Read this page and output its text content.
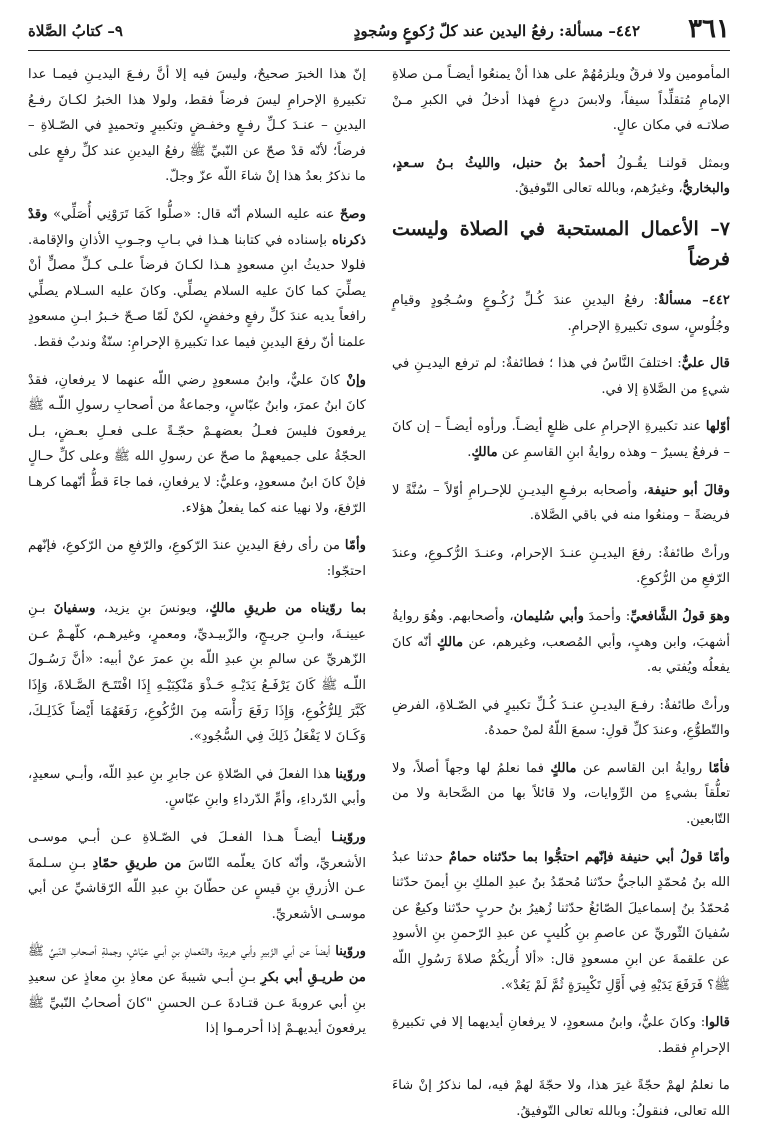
٣٦١
٤٤٢– مسألة: رفعُ اليدين عند كلّ رُكوعٍ وسُجودٍ
٩– كتابُ الصَّلاة

المأمومين ولا فرقٌ ويلزمُهُمْ على هذا أنْ يمنعُوا أيضـاً مـن صلاةِ الإمامِ مُتقلِّداً سيفاً، ولابسَ درعٍ فهذا أدخلُ في الكبرِ مـنْ صلاتـه في مكان عالٍ.

وبمثل قولنـا يقُـولُ أحمدُ بنُ حنبل، والليثُ بـنُ سـعدٍ، والبخاريُّ، وغيرُهم، وبالله تعالى التّوفيقُ.

٧– الأعمال المستحبة في الصلاة وليست فرضاً

٤٤٢– مسألةٌ: رفعُ اليدينِ عندَ كُـلِّ رُكُـوعٍ وسُـجُودٍ وقيامٍ وجُلُوسٍ، سوى تكبيرةِ الإحرامِ.

قال عليٌّ: اختلفَ النَّاسُ في هذا ؛ فطائفةٌ: لم ترفع اليديـنِ في شيءٍ من الصَّلاةِ إلا في.

أوّلها عند تكبيرةِ الإحرامِ على ظلعٍ أيضـاً. ورأوه أيضـاً – إن كانَ – فرفعٌ يسيرٌ – وهذه روايةُ ابنِ القاسمِ عن مالكٍ.

وقالَ أبو حنيفة، وأصحابه برفـعِ اليديـنِ للإحـرامِ أوّلاً – سُنَّةً لا فريضةً – ومنعُوا منه في باقي الصَّلاة.

ورأتْ طائفةٌ: رفعَ اليديـنِ عنـدَ الإحرام، وعنـدَ الرُّكـوعِ، وعندَ الرّفعِ من الرُّكوعِ.

وهوَ قولُ الشَّافعيِّ: وأحمدَ وأبي سُليمان، وأصحابهم. وهُوَ روايةُ أشهبَ، وابن وهبٍ، وأبي المُصعب، وغيرهم، عن مالكٍ أنّه كانَ يفعلُه ويُفتي به.

ورأتْ طائفةٌ: رفـعَ اليديـنِ عنـدَ كُـلِّ تكبيرٍ في الصّـلاةِ، الفرضِ والتّطوُّعِ، وعندَ كلِّ قولِ: سمعَ اللّهُ لمنْ حمدهُ.

فأمّا روايةُ ابن القاسم عن مالكٍ فما نعلمُ لها وجهاً أصلاً، ولا تعلُّقاً بشيءٍ من الرِّوايات، ولا قائلاً بها من الصَّحابة ولا من التّابعين.

وأمّا قولُ أبي حنيفة فإنّهم احتجُّوا بما حدّثناه حمامٌ حدثنا عبدُ الله بنُ مُحمّدٍ الباجيُّ حدّثنا مُحمّدُ بنُ عبدِ الملكِ بنِ أيمنَ حدّثنا مُحمّدُ بنُ إسماعيلَ الصّائغُ حدّثنا زُهيرُ بنُ حربٍ حدّثنا وكيعٌ عن سُفيانَ الثّوريِّ عن عاصمِ بنِ كُليبٍ عن عبدِ الرّحمنِ بنِ الأسودِ عن علقمةَ عن ابنِ مسعودٍ قال: «ألا أُريكُمْ صلاةَ رَسُولِ اللّه ﷺ؟ فَرَفَعَ يَدَيْهِ فِي أَوَّلِ تَكْبِيرَةٍ ثُمَّ لَمْ يَعُدْ».

قالوا: وكانَ عليٌّ، وابنُ مسعودٍ، لا يرفعانِ أيديهما إلا في تكبيرةِ الإحرامِ فقط.

ما نعلمُ لهمْ حجّةً غيرَ هذا، ولا حجّةَ لهمْ فيه، لما نذكرُ إنْ شاءَ الله تعالى، فنقولُ: وبالله تعالى التّوفيقُ.

إنّ هذا الخبرَ صحيحٌ، وليسَ فيه إلا أنَّ رفـعَ اليديـنِ فيمـا عدا تكبيرةِ الإحرامِ ليسَ فرضاً فقط، ولولا هذا الخبرُ لكـانَ رفـعُ اليدينِ – عنـدَ كـلِّ رفـعٍ وخفـضٍ وتكبيرٍ وتحميدٍ في الصّـلاةِ – فرضاً؛ لأنّه قدْ صحّ عن النّبيِّ ﷺ رفعُ اليدينِ عند كلِّ رفعٍ على ما نذكرُ بعدُ هذا إنْ شاءَ اللّه عزّ وجلّ.

وصحّ عنه عليه السلام أنّه قال: «صلُّوا كَمَا تَرَوْنِي أُصَلِّي» وقدْ ذكرناه بإسناده في كتابنا هـذا في بـابِ وجـوبِ الأذانِ والإقامة. فلولا حديثُ ابنِ مسعودٍ هـذا لكـانَ فرضاً علـى كـلِّ مصلٍّ أنْ يصلِّيَ كما كانَ عليه السلام يصلِّي. وكانَ عليه السـلام يصلِّي رافعاً يديه عندَ كلِّ رفعٍ وخفضٍ، لكنْ لَمّا صـحّ خـبرُ ابـنِ مسعودٍ علمنا أنّ رفعَ اليدينِ فيما عدا تكبيرةِ الإحرامِ: سنّةٌ وندبٌ فقط.

وإنْ كانَ عليٌّ، وابنُ مسعودٍ رضي اللّه عنهما لا يرفعانِ، فقدْ كانَ ابنُ عمرَ، وابنُ عبّاسٍ، وجماعةٌ من أصحابِ رسولِ اللّـه ﷺ يرفعونَ فليسَ فعـلُ بعضهـمْ حجّـةً علـى فعـلِ بعـضٍ، بـل الحجّةُ على جميعهمْ ما صحّ عن رسولِ الله ﷺ وعلى كلِّ حـالٍ فإنْ كانَ ابنُ مسعودٍ، وعليٌّ: لا يرفعانِ، فما جاءَ قطُّ أنّهما كرهـا الرّفعَ، ولا نهيا عنه كما يفعلُ هؤلاء.

وأمّا من رأى رفعَ اليدينِ عندَ الرّكوعِ، والرّفعِ من الرّكوعِ، فإنّهم احتجّوا:

بما روّيناه من طريقِ مالكٍ، ويونسَ بنِ يزيد، وسفيانَ بـنِ عيينـةَ، وابـنِ جريـجٍ، والزّبيـديِّ، ومعمرٍ، وغيرهـم، كلّهـمْ عـن الزّهريِّ عن سالمِ بنِ عبدِ اللّه بنِ عمرَ عنْ أبيه: «أنَّ رَسُـولَ اللّـه ﷺ كَانَ يَرْفَـعُ يَدَيْـهِ حَـذْوَ مَنْكِبَيْـهِ إِذَا افْتَتَـحَ الصَّـلاةَ، وَإِذَا كَبَّرَ لِلرُّكُوعِ، وَإِذَا رَفَعَ رَأْسَه مِنَ الرُّكُوعِ، رَفَعَهُمَا أَيْضاً كَذَلِـكَ، وَكَـانَ لا يَفْعَلُ ذَلِكَ فِي السُّجُودِ».

وروّينا هذا الفعلَ في الصّلاةِ عن جابرِ بنِ عبدِ اللّه، وأبـي سعيدٍ، وأبي الدّرداءِ، وأمِّ الدّرداءِ وابنِ عبّاسٍ.

وروّينـا أيضـاً هـذا الفعـلَ في الصّـلاةِ عـن أبـي موسـى الأشعريِّ، وأنّه كانَ يعلّمه النّاسَ من طريقِ حمّادِ بـنِ سـلمةَ عـن الأزرقِ بنِ قيسٍ عن حطّانَ بنِ عبدِ اللّه الرّقاشيِّ عن أبي موسـى الأشعريِّ.

وروّينا أيضاً عن أبي الزّبيرِ وأبي هريرة، والنّعمانِ بنِ أبـي عيّاشٍ، وجملةِ أصحابِ النّبيِّ ﷺ من طريـقِ أبي بكرِ بـنِ أبـي شيبةَ عن معاذِ بنِ معاذٍ عن سعيدِ بنِ أبي عروبةَ عـن قتـادةَ عـن الحسنِ "كانَ أصحابُ النّبيِّ ﷺ يرفعونَ أيديهـمْ إذا أحرمـوا إذا
